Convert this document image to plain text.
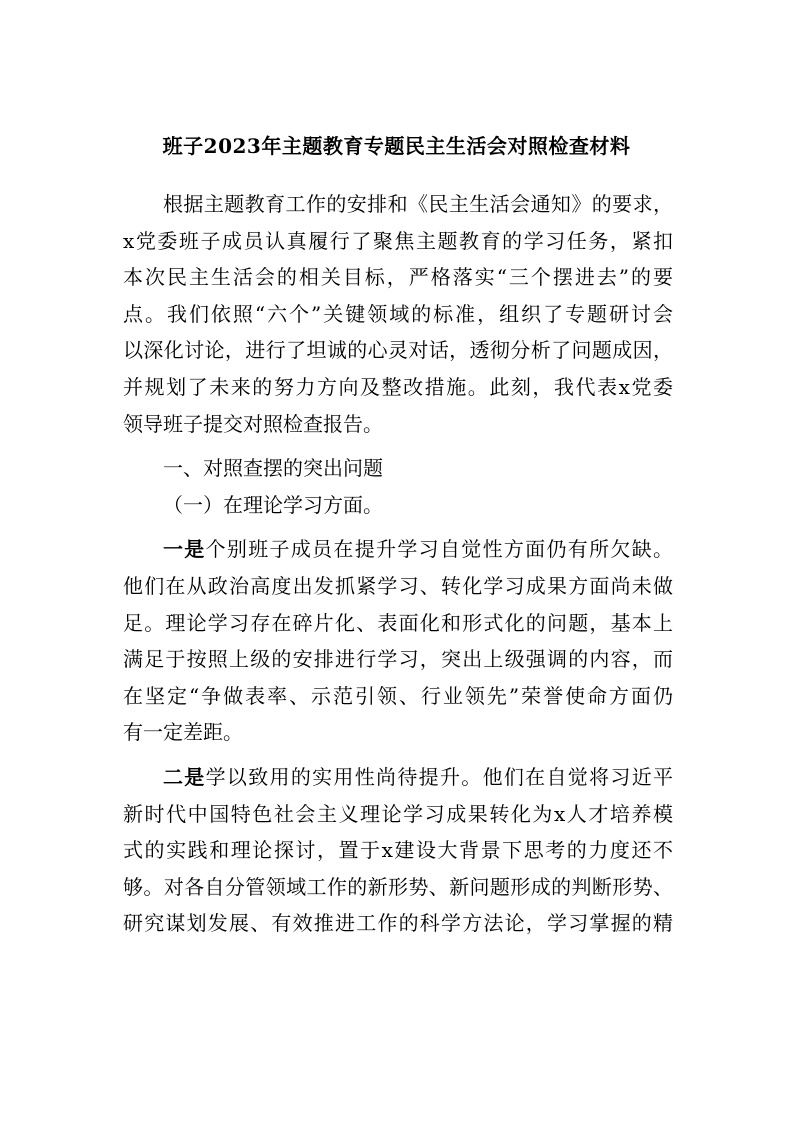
班子2023年主题教育专题民主生活会对照检查材料
根据主题教育工作的安排和《民主生活会通知》的要求，
x党委班子成员认真履行了聚焦主题教育的学习任务，紧扣
本次民主生活会的相关目标，严格落实“三个摆进去”的要
点。我们依照“六个”关键领域的标准，组织了专题研讨会
以深化讨论，进行了坦诚的心灵对话，透彻分析了问题成因，
并规划了未来的努力方向及整改措施。此刻，我代表x党委
领导班子提交对照检查报告。
一、对照查摆的突出问题
（一）在理论学习方面。
一是个别班子成员在提升学习自觉性方面仍有所欠缺。
他们在从政治高度出发抓紧学习、转化学习成果方面尚未做
足。理论学习存在碎片化、表面化和形式化的问题，基本上
满足于按照上级的安排进行学习，突出上级强调的内容，而
在坚定“争做表率、示范引领、行业领先”荣誉使命方面仍
有一定差距。
二是学以致用的实用性尚待提升。他们在自觉将习近平
新时代中国特色社会主义理论学习成果转化为x人才培养模
式的实践和理论探讨，置于x建设大背景下思考的力度还不
够。对各自分管领域工作的新形势、新问题形成的判断形势、
研究谋划发展、有效推进工作的科学方法论，学习掌握的精
